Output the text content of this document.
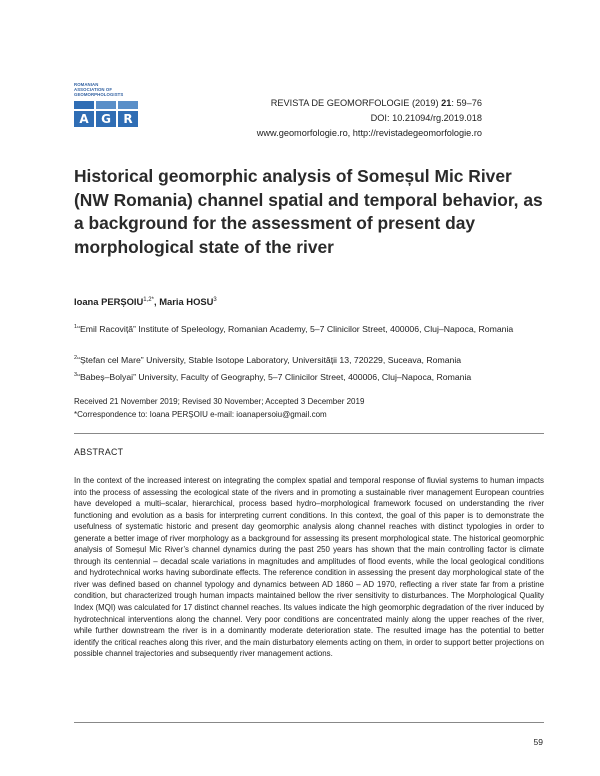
ROMANIAN
ASSOCIATION OF
GEOMORPHOLOGISTS
A	G	R
REVISTA DE GEOMORFOLOGIE (2019) 21: 59–76
DOI: 10.21094/rg.2019.018
www.geomorfologie.ro, http://revistadegeomorfologie.ro
Historical geomorphic analysis of Someșul Mic River (NW Romania) channel spatial and temporal behavior, as a background for the assessment of present day morphological state of the river
Ioana $PERȘOIU^{1,2*}$, Maria HOSU$^3$
$^1$“Emil Racoviță” Institute of Speleology, Romanian Academy, 5–7 Clinicilor Street, 400006, Cluj–Napoca, Romania
$^2$“Ștefan cel Mare” University, Stable Isotope Laboratory, Universității 13, 720229, Suceava, Romania
$^3$“Babeș–Bolyai” University, Faculty of Geography, 5–7 Clinicilor Street, 400006, Cluj–Napoca, Romania
Received 21 November 2019; Revised 30 November; Accepted 3 December 2019
*Correspondence to: Ioana PERȘOIU e-mail: ioanapersoiu@gmail.com
ABSTRACT
In the context of the increased interest on integrating the complex spatial and temporal response of fluvial systems to human impacts into the process of assessing the ecological state of the rivers and in promoting a sustainable river management European countries have developed a multi–scalar, hierarchical, process based hydro–morphological framework focused on understanding the river functioning and evolution as a basis for interpreting current conditions. In this context, the goal of this paper is to demonstrate the usefulness of systematic historic and present day geomorphic analysis along channel reaches with distinct typologies in order to generate a better image of river morphology as a background for assessing its present morphological state. The historical geomorphic analysis of Someșul Mic River’s channel dynamics during the past 250 years has shown that the main controlling factor is climate through its centennial – decadal scale variations in magnitudes and amplitudes of flood events, while the local geological conditions and hydrotechnical works having subordinate effects. The reference condition in assessing the present day morphological state of the river was defined based on channel typology and dynamics between AD 1860 – AD 1970, reflecting a river state far from a pristine condition, but characterized trough human impacts maintained bellow the river sensitivity to disturbances. The Morphological Quality Index (MQI) was calculated for 17 distinct channel reaches. Its values indicate the high geomorphic degradation of the river induced by hydrotechnical interventions along the channel. Very poor conditions are concentrated mainly along the upper reaches of the river, while further downstream the river is in a dominantly moderate deterioration state. The resulted image has the potential to better identify the critical reaches along this river, and the main disturbatory elements acting on them, in order to support better projections on possible channel trajectories and subsequently river management actions.
59
